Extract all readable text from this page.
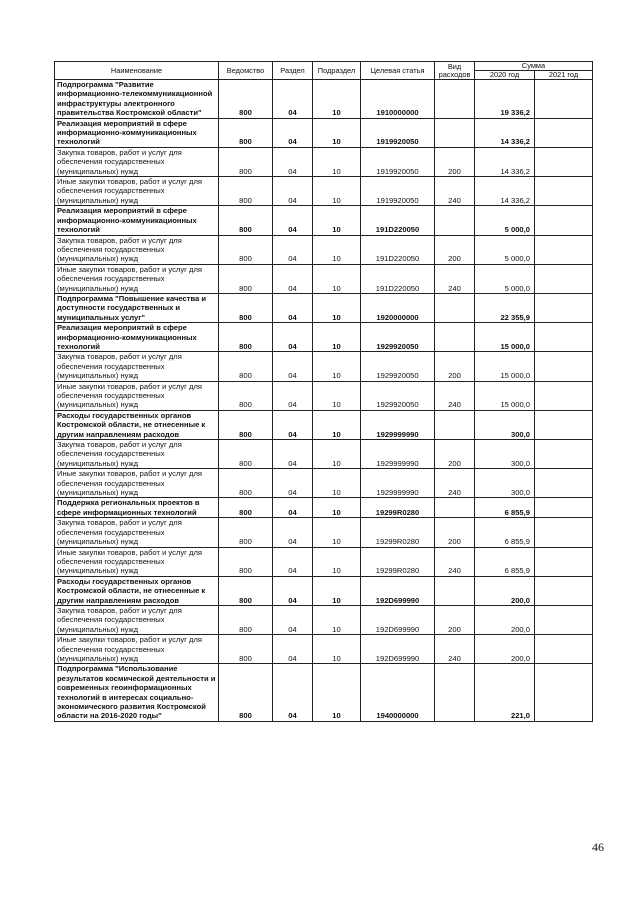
Наименование	Ведомство	Раздел	Подраздел	Целевая статья	Вид расходов	Сумма	
						2020 год	2021 год
Подпрограмма "Развитие информационно-телекоммуникационной инфраструктуры электронного правительства Костромской области"	800	04	10	1910000000		19 336,2	
Реализация мероприятий в сфере информационно-коммуникационных технологий	800	04	10	1919920050		14 336,2	
Закупка товаров, работ и услуг для обеспечения государственных (муниципальных) нужд	800	04	10	1919920050	200	14 336,2	
Иные закупки товаров, работ и услуг для обеспечения государственных (муниципальных) нужд	800	04	10	1919920050	240	14 336,2	
Реализация мероприятий в сфере информационно-коммуникационных технологий	800	04	10	191D220050		5 000,0	
Закупка товаров, работ и услуг для обеспечения государственных (муниципальных) нужд	800	04	10	191D220050	200	5 000,0	
Иные закупки товаров, работ и услуг для обеспечения государственных (муниципальных) нужд	800	04	10	191D220050	240	5 000,0	
Подпрограмма "Повышение качества и доступности государственных и муниципальных услуг"	800	04	10	1920000000		22 355,9	
Реализация мероприятий в сфере информационно-коммуникационных технологий	800	04	10	1929920050		15 000,0	
Закупка товаров, работ и услуг для обеспечения государственных (муниципальных) нужд	800	04	10	1929920050	200	15 000,0	
Иные закупки товаров, работ и услуг для обеспечения государственных (муниципальных) нужд	800	04	10	1929920050	240	15 000,0	
Расходы государственных органов Костромской области, не отнесенные к другим направлениям расходов	800	04	10	1929999990		300,0	
Закупка товаров, работ и услуг для обеспечения государственных (муниципальных) нужд	800	04	10	1929999990	200	300,0	
Иные закупки товаров, работ и услуг для обеспечения государственных (муниципальных) нужд	800	04	10	1929999990	240	300,0	
Поддержка региональных проектов в сфере информационных технологий	800	04	10	19299R0280		6 855,9	
Закупка товаров, работ и услуг для обеспечения государственных (муниципальных) нужд	800	04	10	19299R0280	200	6 855,9	
Иные закупки товаров, работ и услуг для обеспечения государственных (муниципальных) нужд	800	04	10	19299R0280	240	6 855,9	
Расходы государственных органов Костромской области, не отнесенные к другим направлениям расходов	800	04	10	192D699990		200,0	
Закупка товаров, работ и услуг для обеспечения государственных (муниципальных) нужд	800	04	10	192D699990	200	200,0	
Иные закупки товаров, работ и услуг для обеспечения государственных (муниципальных) нужд	800	04	10	192D699990	240	200,0	
Подпрограмма "Использование результатов космической деятельности и современных геоинформационных технологий в интересах социально-экономического развития Костромской области на 2016-2020 годы"	800	04	10	1940000000		221,0	
46
